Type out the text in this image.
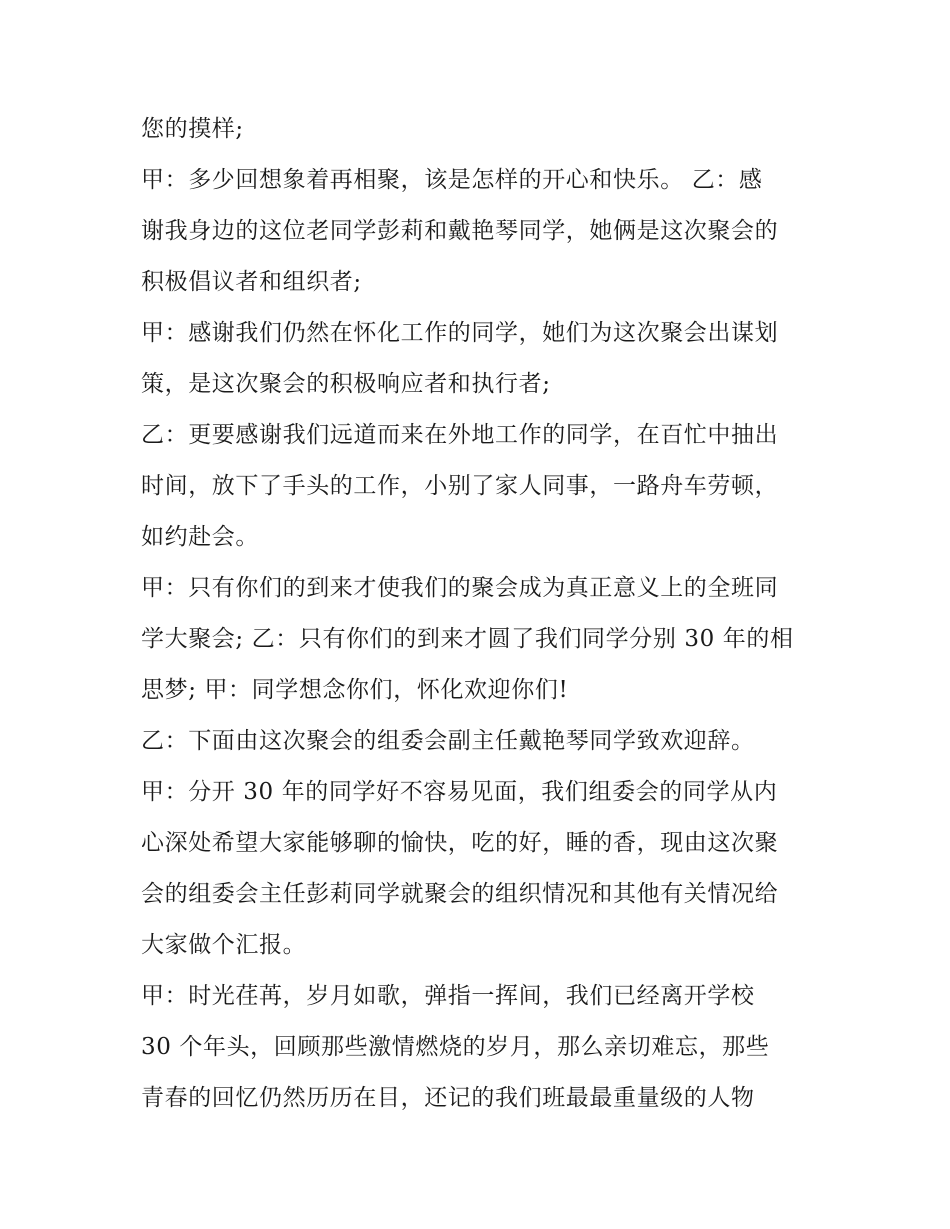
您的摸样;
甲：多少回想象着再相聚，该是怎样的开心和快乐。 乙：感
谢我身边的这位老同学彭莉和戴艳琴同学，她俩是这次聚会的
积极倡议者和组织者;
甲：感谢我们仍然在怀化工作的同学，她们为这次聚会出谋划
策，是这次聚会的积极响应者和执行者;
乙：更要感谢我们远道而来在外地工作的同学，在百忙中抽出
时间，放下了手头的工作，小别了家人同事，一路舟车劳顿，
如约赴会。
甲：只有你们的到来才使我们的聚会成为真正意义上的全班同
学大聚会; 乙：只有你们的到来才圆了我们同学分别 30 年的相
思梦; 甲：同学想念你们，怀化欢迎你们!
乙：下面由这次聚会的组委会副主任戴艳琴同学致欢迎辞。
甲：分开 30 年的同学好不容易见面，我们组委会的同学从内
心深处希望大家能够聊的愉快，吃的好，睡的香，现由这次聚
会的组委会主任彭莉同学就聚会的组织情况和其他有关情况给
大家做个汇报。
甲：时光荏苒，岁月如歌，弹指一挥间，我们已经离开学校
30 个年头，回顾那些激情燃烧的岁月，那么亲切难忘，那些
青春的回忆仍然历历在目，还记的我们班最最重量级的人物
